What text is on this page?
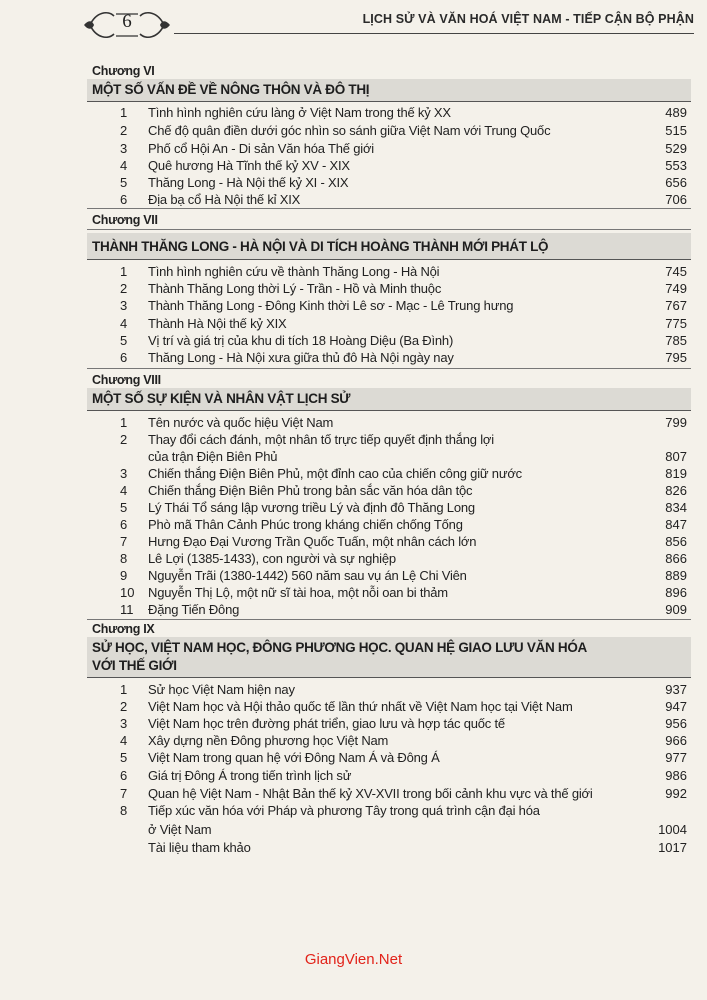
6	LỊCH SỬ VÀ VĂN HOÁ VIỆT NAM - TIẾP CẬN BỘ PHẬN
Chương VI
MỘT SỐ VẤN ĐỀ VỀ NÔNG THÔN VÀ ĐÔ THỊ
1	Tình hình nghiên cứu làng ở Việt Nam trong thế kỷ XX	489
2	Chế độ quân điền dưới góc nhìn so sánh giữa Việt Nam với Trung Quốc	515
3	Phố cổ Hội An - Di sản Văn hóa Thế giới	529
4	Quê hương Hà Tĩnh thế kỷ XV - XIX	553
5	Thăng Long - Hà Nội thế kỷ XI - XIX	656
6	Địa bạ cổ Hà Nội thế kỉ XIX	706
Chương VII
THÀNH THĂNG LONG - HÀ NỘI VÀ DI TÍCH HOÀNG THÀNH MỚI PHÁT LỘ
1	Tình hình nghiên cứu về thành Thăng Long - Hà Nội	745
2	Thành Thăng Long thời Lý - Trần - Hồ và Minh thuộc	749
3	Thành Thăng Long - Đông Kinh thời Lê sơ - Mạc - Lê Trung hưng	767
4	Thành Hà Nội thế kỷ XIX	775
5	Vị trí và giá trị của khu di tích 18 Hoàng Diệu (Ba Đình)	785
6	Thăng Long - Hà Nội xưa giữa thủ đô Hà Nội ngày nay	795
Chương VIII
MỘT SỐ SỰ KIỆN VÀ NHÂN VẬT LỊCH SỬ
1	Tên nước và quốc hiệu Việt Nam	799
2	Thay đổi cách đánh, một nhân tố trực tiếp quyết định thắng lợi
của trận Điện Biên Phủ	807
3	Chiến thắng Điện Biên Phủ, một đỉnh cao của chiến công giữ nước	819
4	Chiến thắng Điện Biên Phủ trong bản sắc văn hóa dân tộc	826
5	Lý Thái Tổ sáng lập vương triều Lý và định đô Thăng Long	834
6	Phò mã Thân Cảnh Phúc trong kháng chiến chống Tống	847
7	Hưng Đạo Đại Vương Trần Quốc Tuấn, một nhân cách lớn	856
8	Lê Lợi (1385-1433), con người và sự nghiệp	866
9	Nguyễn Trãi (1380-1442) 560 năm sau vụ án Lệ Chi Viên	889
10 Nguyễn Thị Lộ, một nữ sĩ tài hoa, một nỗi oan bi thảm	896
11 Đặng Tiến Đông	909
Chương IX
SỬ HỌC, VIỆT NAM HỌC, ĐÔNG PHƯƠNG HỌC. QUAN HỆ GIAO LƯU VĂN HÓA
VỚI THẾ GIỚI
1	Sử học Việt Nam hiện nay	937
2	Việt Nam học và Hội thảo quốc tế lần thứ nhất về Việt Nam học tại Việt Nam	947
3	Việt Nam học trên đường phát triển, giao lưu và hợp tác quốc tế	956
4	Xây dựng nền Đông phương học Việt Nam	966
5	Việt Nam trong quan hệ với Đông Nam Á và Đông Á	977
6	Giá trị Đông Á trong tiến trình lịch sử	986
7	Quan hệ Việt Nam - Nhật Bản thế kỷ XV-XVII trong bối cảnh khu vực và thế giới	992
8	Tiếp xúc văn hóa với Pháp và phương Tây trong quá trình cận đại hóa
ở Việt Nam	1004
Tài liệu tham khảo	1017
GiangVien.Net
